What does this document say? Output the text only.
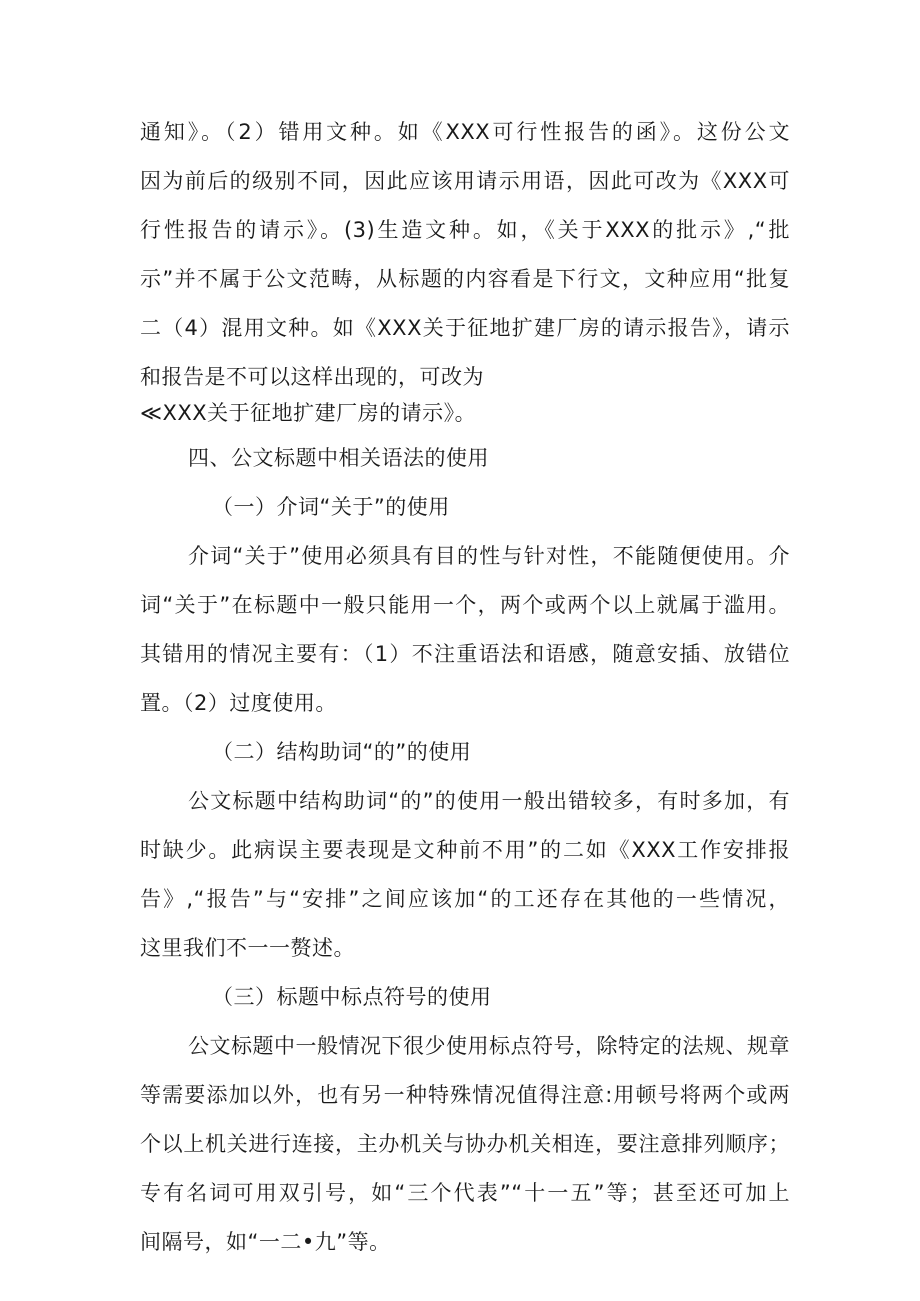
通知》。（2）错用文种。如《XXX可行性报告的函》。这份公文
因为前后的级别不同，因此应该用请示用语，因此可改为《XXX可
行性报告的请示》。(3)生造文种。如，《关于XXX的批示》,“批
示”并不属于公文范畴，从标题的内容看是下行文，文种应用“批复
二（4）混用文种。如《XXX关于征地扩建厂房的请示报告》，请示
和报告是不可以这样出现的，可改为
≪XXX关于征地扩建厂房的请示》。
四、公文标题中相关语法的使用
（一）介词“关于”的使用
介词“关于”使用必须具有目的性与针对性，不能随便使用。介
词“关于”在标题中一般只能用一个，两个或两个以上就属于滥用。
其错用的情况主要有：（1）不注重语法和语感，随意安插、放错位
置。（2）过度使用。
（二）结构助词“的”的使用
公文标题中结构助词“的”的使用一般出错较多，有时多加，有
时缺少。此病误主要表现是文种前不用”的二如《XXX工作安排报
告》,“报告”与“安排”之间应该加“的工还存在其他的一些情况，
这里我们不一一赘述。
（三）标题中标点符号的使用
公文标题中一般情况下很少使用标点符号，除特定的法规、规章
等需要添加以外，也有另一种特殊情况值得注意:用顿号将两个或两
个以上机关进行连接，主办机关与协办机关相连，要注意排列顺序；
专有名词可用双引号，如“三个代表”“十一五”等；甚至还可加上
间隔号，如“一二•九”等。
